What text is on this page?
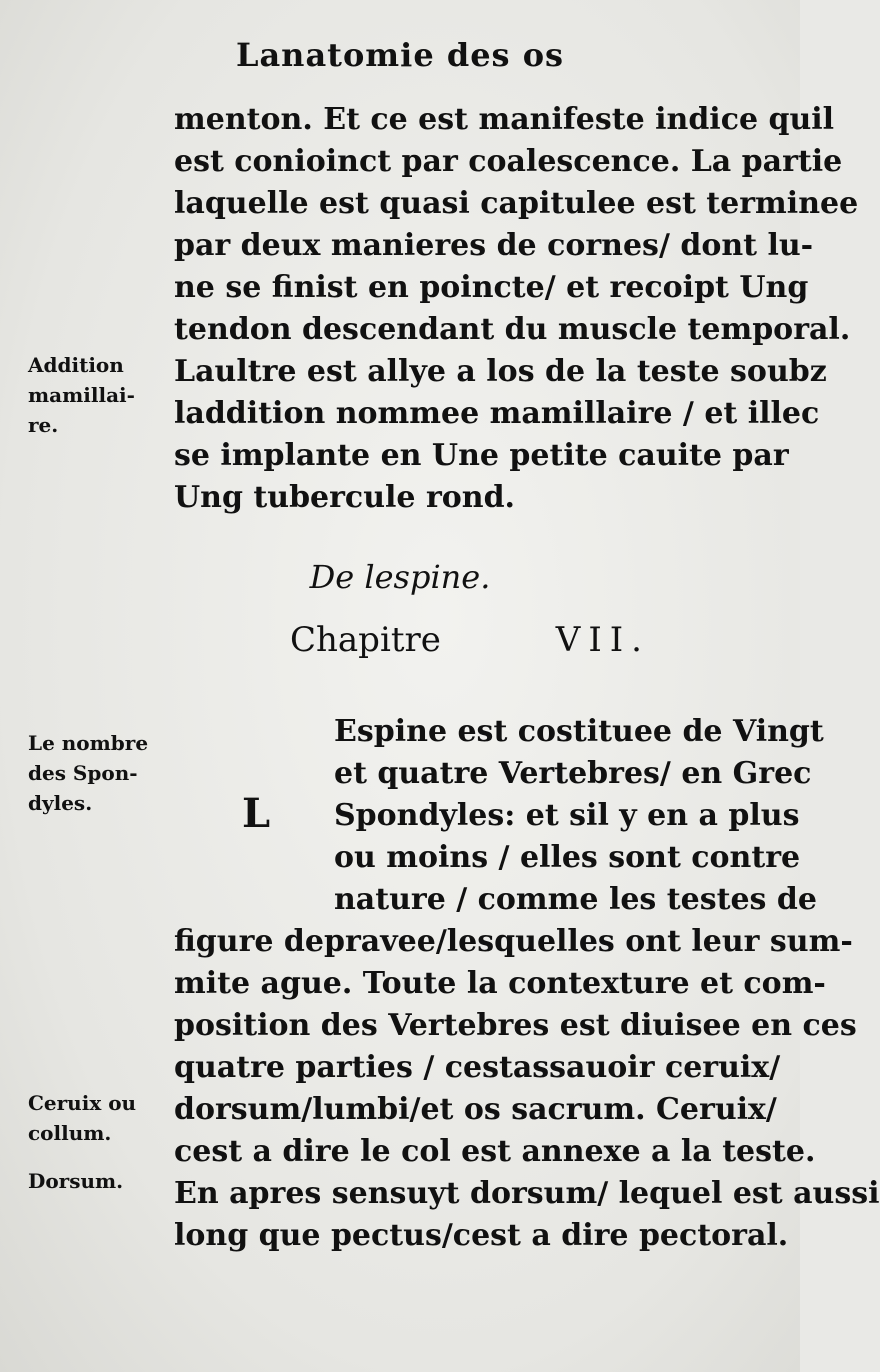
Lanatomie des os
menton. Et ce est manifeste indice quil
est conioinct par coalescence. La partie
laquelle est quasi capitulee est terminee
par deux manieres de cornes/ dont lu-
ne se finist en poincte/ et recoipt Ung
tendon descendant du muscle temporal.
Laultre est allye a los de la teste soubz
laddition nommee mamillaire / et illec
se implante en Une petite cauite par
Ung tubercule rond.
Addition
mamillai-
re.
De lespine.
Chapitre	VII.
Le nombre
des Spon-
dyles.	L
Espine est costituee de Vingt
et quatre Vertebres/ en Grec
Spondyles: et sil y en a plus
ou moins / elles sont contre
nature / comme les testes de
figure depravee/lesquelles ont leur sum-
mite ague. Toute la contexture et com-
position des Vertebres est diuisee en ces
quatre parties / cestassauoir ceruix/
dorsum/lumbi/et os sacrum. Ceruix/
cest a dire le col est annexe a la teste.
En apres sensuyt dorsum/ lequel est aussi
long que pectus/cest a dire pectoral.
Ceruix ou
collum.
Dorsum.
